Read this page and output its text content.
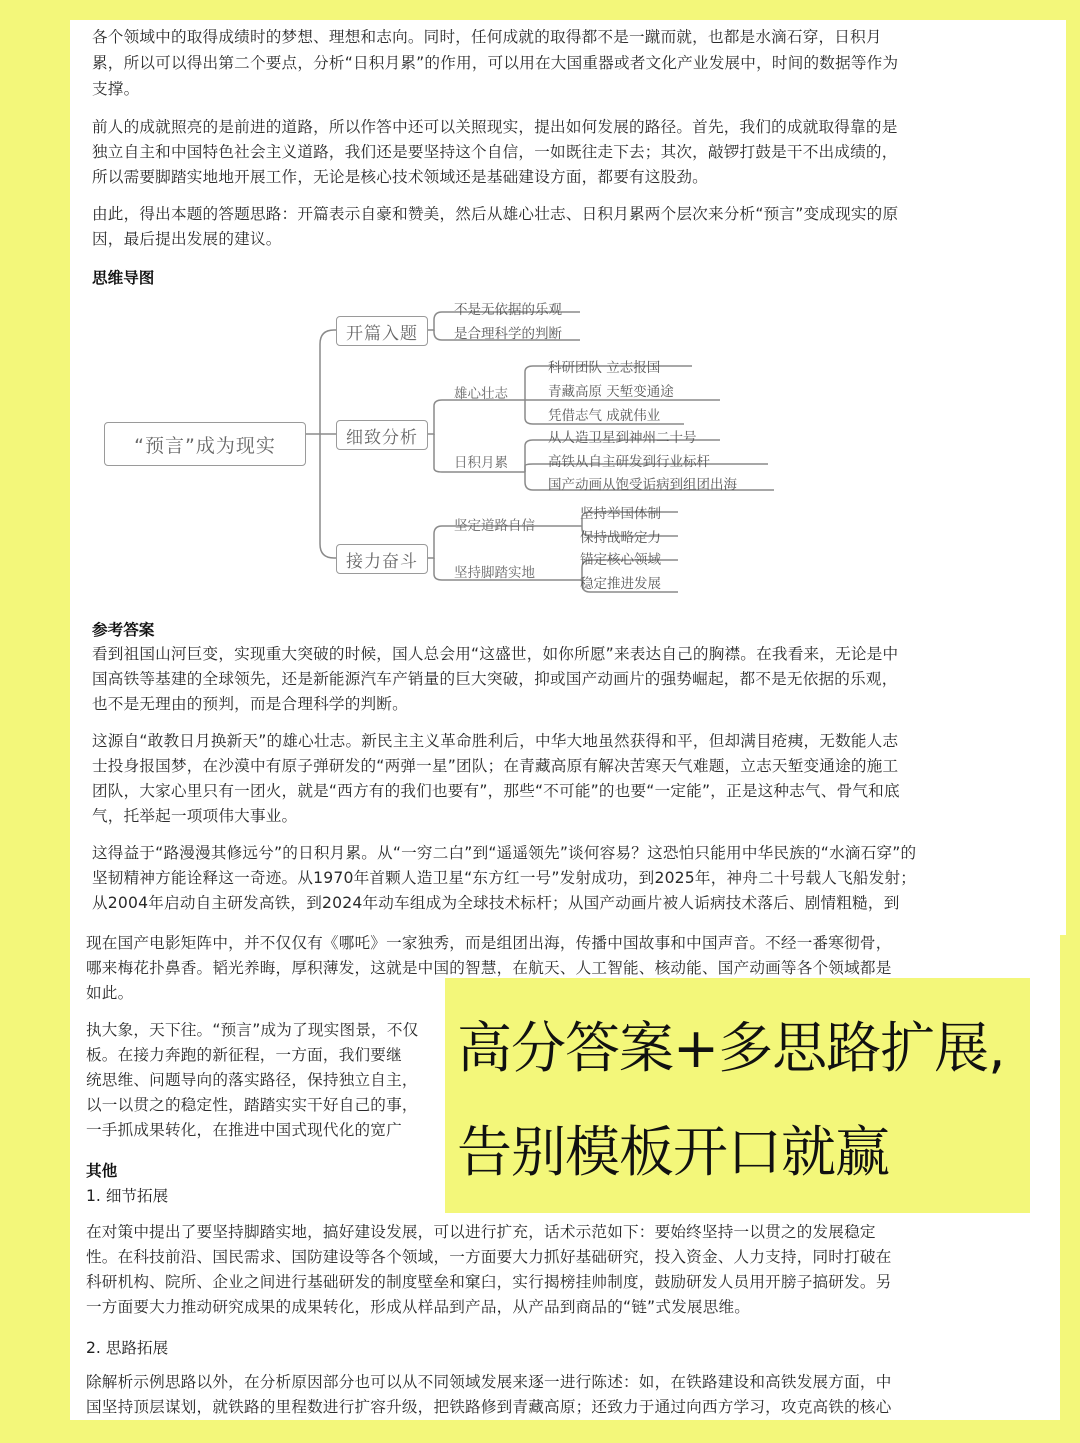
各个领域中的取得成绩时的梦想、理想和志向。同时，任何成就的取得都不是一蹴而就，也都是水滴石穿，日积月
累，所以可以得出第二个要点，分析“日积月累”的作用，可以用在大国重器或者文化产业发展中，时间的数据等作为
支撑。
前人的成就照亮的是前进的道路，所以作答中还可以关照现实，提出如何发展的路径。首先，我们的成就取得靠的是
独立自主和中国特色社会主义道路，我们还是要坚持这个自信，一如既往走下去；其次，敲锣打鼓是干不出成绩的，
所以需要脚踏实地地开展工作，无论是核心技术领域还是基础建设方面，都要有这股劲。
由此，得出本题的答题思路：开篇表示自豪和赞美，然后从雄心壮志、日积月累两个层次来分析“预言”变成现实的原
因，最后提出发展的建议。
思维导图
“预言”成为现实
开篇入题
细致分析
接力奋斗
不是无依据的乐观
是合理科学的判断
雄心壮志
日积月累
科研团队 立志报国
青藏高原 天堑变通途
凭借志气 成就伟业
从人造卫星到神州二十号
高铁从自主研发到行业标杆
国产动画从饱受诟病到组团出海
坚定道路自信
坚持脚踏实地
坚持举国体制
保持战略定力
锚定核心领域
稳定推进发展
参考答案
看到祖国山河巨变，实现重大突破的时候，国人总会用“这盛世，如你所愿”来表达自己的胸襟。在我看来，无论是中
国高铁等基建的全球领先，还是新能源汽车产销量的巨大突破，抑或国产动画片的强势崛起，都不是无依据的乐观，
也不是无理由的预判，而是合理科学的判断。
这源自“敢教日月换新天”的雄心壮志。新民主主义革命胜利后，中华大地虽然获得和平，但却满目疮痍，无数能人志
士投身报国梦，在沙漠中有原子弹研发的“两弹一星”团队；在青藏高原有解决苦寒天气难题，立志天堑变通途的施工
团队，大家心里只有一团火，就是“西方有的我们也要有”，那些“不可能”的也要“一定能”，正是这种志气、骨气和底
气，托举起一项项伟大事业。
这得益于“路漫漫其修远兮”的日积月累。从“一穷二白”到“遥遥领先”谈何容易？这恐怕只能用中华民族的“水滴石穿”的
坚韧精神方能诠释这一奇迹。从1970年首颗人造卫星“东方红一号”发射成功，到2025年，神舟二十号载人飞船发射；
从2004年启动自主研发高铁，到2024年动车组成为全球技术标杆；从国产动画片被人诟病技术落后、剧情粗糙，到
现在国产电影矩阵中，并不仅仅有《哪吒》一家独秀，而是组团出海，传播中国故事和中国声音。不经一番寒彻骨，
哪来梅花扑鼻香。韬光养晦，厚积薄发，这就是中国的智慧，在航天、人工智能、核动能、国产动画等各个领域都是
如此。
执大象，天下往。“预言”成为了现实图景，不仅
板。在接力奔跑的新征程，一方面，我们要继
统思维、问题导向的落实路径，保持独立自主，
以一以贯之的稳定性，踏踏实实干好自己的事，
一手抓成果转化，在推进中国式现代化的宽广
其他
1. 细节拓展
在对策中提出了要坚持脚踏实地，搞好建设发展，可以进行扩充，话术示范如下：要始终坚持一以贯之的发展稳定
性。在科技前沿、国民需求、国防建设等各个领域，一方面要大力抓好基础研究，投入资金、人力支持，同时打破在
科研机构、院所、企业之间进行基础研发的制度壁垒和窠臼，实行揭榜挂帅制度，鼓励研发人员用开膀子搞研发。另
一方面要大力推动研究成果的成果转化，形成从样品到产品，从产品到商品的“链”式发展思维。
2. 思路拓展
除解析示例思路以外，在分析原因部分也可以从不同领域发展来逐一进行陈述：如，在铁路建设和高铁发展方面，中
国坚持顶层谋划，就铁路的里程数进行扩容升级，把铁路修到青藏高原；还致力于通过向西方学习，攻克高铁的核心
高分答案+多思路扩展,
告别模板开口就赢
